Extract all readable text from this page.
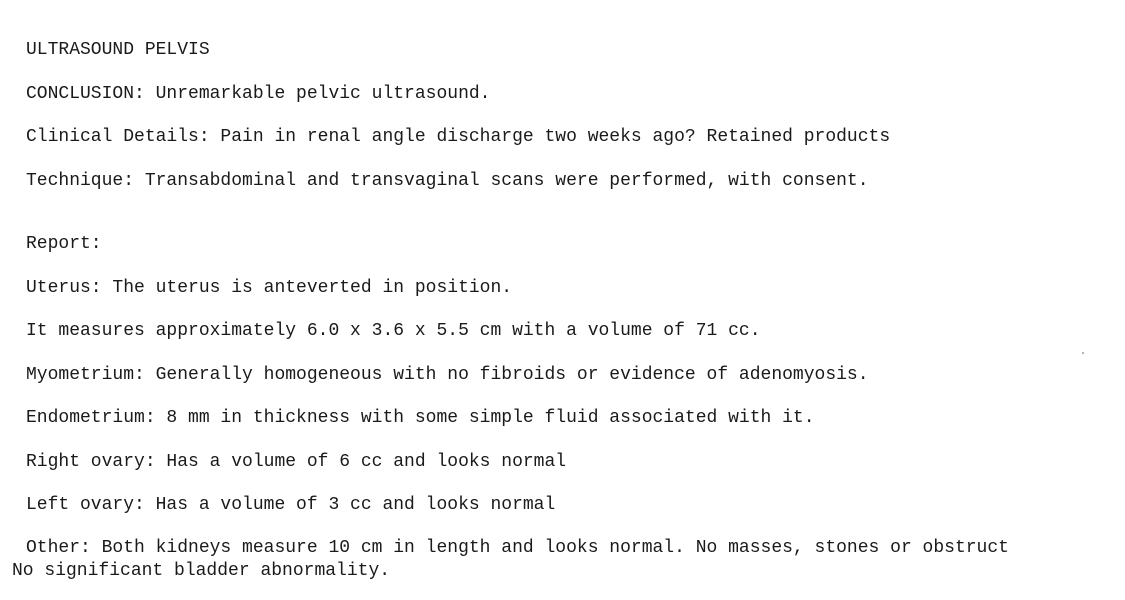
ULTRASOUND PELVIS
CONCLUSION: Unremarkable pelvic ultrasound.
Clinical Details: Pain in renal angle discharge two weeks ago? Retained products
Technique: Transabdominal and transvaginal scans were performed, with consent.
Report:
Uterus: The uterus is anteverted in position.
It measures approximately 6.0 x 3.6 x 5.5 cm with a volume of 71 cc.
Myometrium: Generally homogeneous with no fibroids or evidence of adenomyosis.
Endometrium: 8 mm in thickness with some simple fluid associated with it.
Right ovary: Has a volume of 6 cc and looks normal
Left ovary: Has a volume of 3 cc and looks normal
Other: Both kidneys measure 10 cm in length and looks normal. No masses, stones or obstruct
No significant bladder abnormality.
